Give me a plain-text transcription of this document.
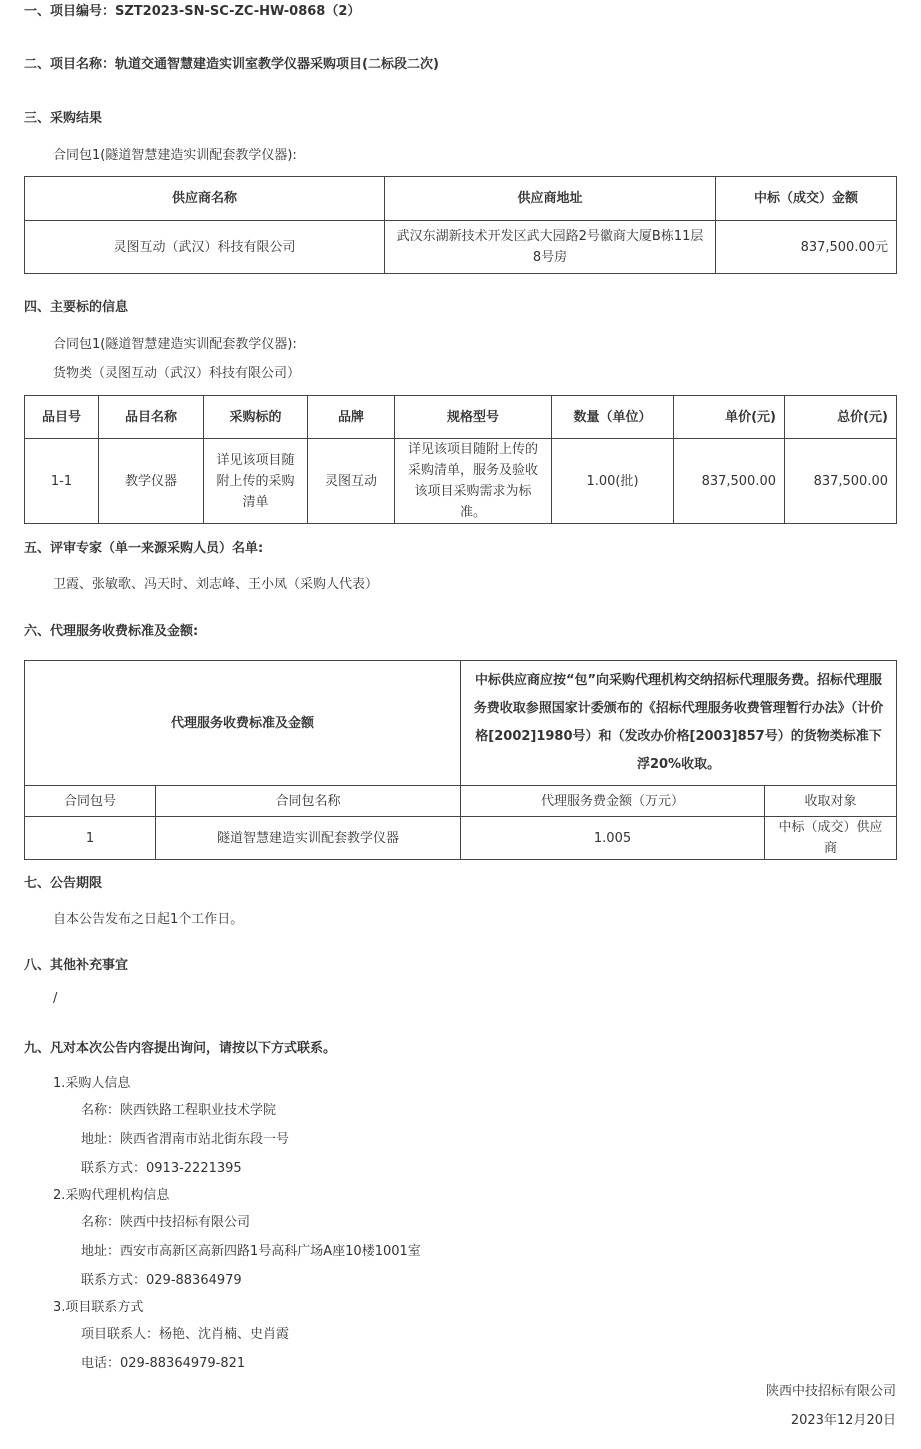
一、项目编号：SZT2023-SN-SC-ZC-HW-0868（2）
二、项目名称：轨道交通智慧建造实训室教学仪器采购项目(二标段二次)
三、采购结果
合同包1(隧道智慧建造实训配套教学仪器):
供应商名称	供应商地址	中标（成交）金额
灵图互动（武汉）科技有限公司	武汉东湖新技术开发区武大园路2号徽商大厦B栋11层8号房	837,500.00元
四、主要标的信息
合同包1(隧道智慧建造实训配套教学仪器):
货物类（灵图互动（武汉）科技有限公司）
品目号	品目名称	采购标的	品牌	规格型号	数量（单位）	单价(元)	总价(元)
1-1	教学仪器	详见该项目随附上传的采购清单	灵图互动	详见该项目随附上传的采购清单，服务及验收该项目采购需求为标准。	1.00(批)	837,500.00	837,500.00
五、评审专家（单一来源采购人员）名单:
卫霞、张敏歌、冯天时、刘志峰、王小凤（采购人代表）
六、代理服务收费标准及金额:
代理服务收费标准及金额		中标供应商应按“包”向采购代理机构交纳招标代理服务费。招标代理服务费收取参照国家计委颁布的《招标代理服务收费管理暂行办法》（计价格[2002]1980号）和（发改办价格[2003]857号）的货物类标准下浮20%收取。	
合同包号	合同包名称	代理服务费金额（万元）	收取对象
1	隧道智慧建造实训配套教学仪器	1.005	中标（成交）供应商
七、公告期限
自本公告发布之日起1个工作日。
八、其他补充事宜
/
九、凡对本次公告内容提出询问，请按以下方式联系。
1.采购人信息
名称：陕西铁路工程职业技术学院
地址：陕西省渭南市站北街东段一号
联系方式：0913-2221395
2.采购代理机构信息
名称：陕西中技招标有限公司
地址：西安市高新区高新四路1号高科广场A座10楼1001室
联系方式：029-88364979
3.项目联系方式
项目联系人：杨艳、沈肖楠、史肖霞
电话：029-88364979-821
陕西中技招标有限公司
2023年12月20日
